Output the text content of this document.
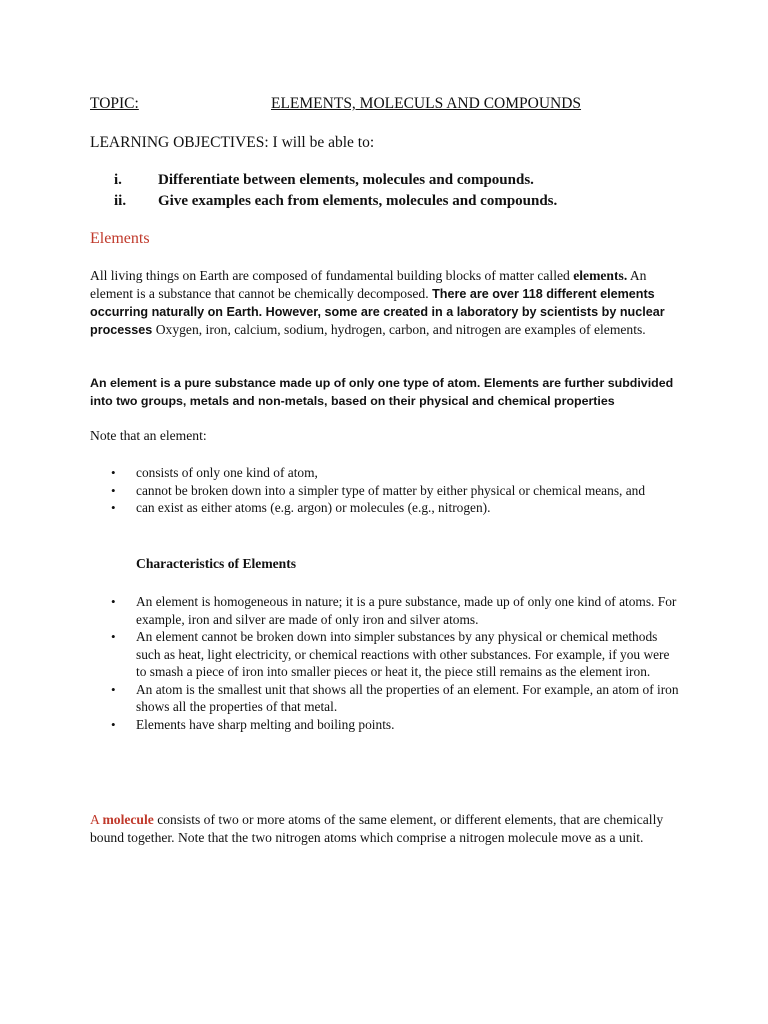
TOPIC:	ELEMENTS, MOLECULS AND COMPOUNDS
LEARNING OBJECTIVES: I will be able to:
i. Differentiate between elements, molecules and compounds.
ii. Give examples each from elements, molecules and compounds.
Elements

All living things on Earth are composed of fundamental building blocks of matter called elements. An element is a substance that cannot be chemically decomposed. There are over 118 different elements occurring naturally on Earth. However, some are created in a laboratory by scientists by nuclear processes Oxygen, iron, calcium, sodium, hydrogen, carbon, and nitrogen are examples of elements.

An element is a pure substance made up of only one type of atom. Elements are further subdivided into two groups, metals and non-metals, based on their physical and chemical properties

Note that an element:
• consists of only one kind of atom,
• cannot be broken down into a simpler type of matter by either physical or chemical means, and
• can exist as either atoms (e.g. argon) or molecules (e.g., nitrogen).
Characteristics of Elements
• An element is homogeneous in nature; it is a pure substance, made up of only one kind of atoms. For example, iron and silver are made of only iron and silver atoms.
• An element cannot be broken down into simpler substances by any physical or chemical methods such as heat, light electricity, or chemical reactions with other substances. For example, if you were to smash a piece of iron into smaller pieces or heat it, the piece still remains as the element iron.
• An atom is the smallest unit that shows all the properties of an element. For example, an atom of iron shows all the properties of that metal.
• Elements have sharp melting and boiling points.

A molecule consists of two or more atoms of the same element, or different elements, that are chemically bound together. Note that the two nitrogen atoms which comprise a nitrogen molecule move as a unit.
